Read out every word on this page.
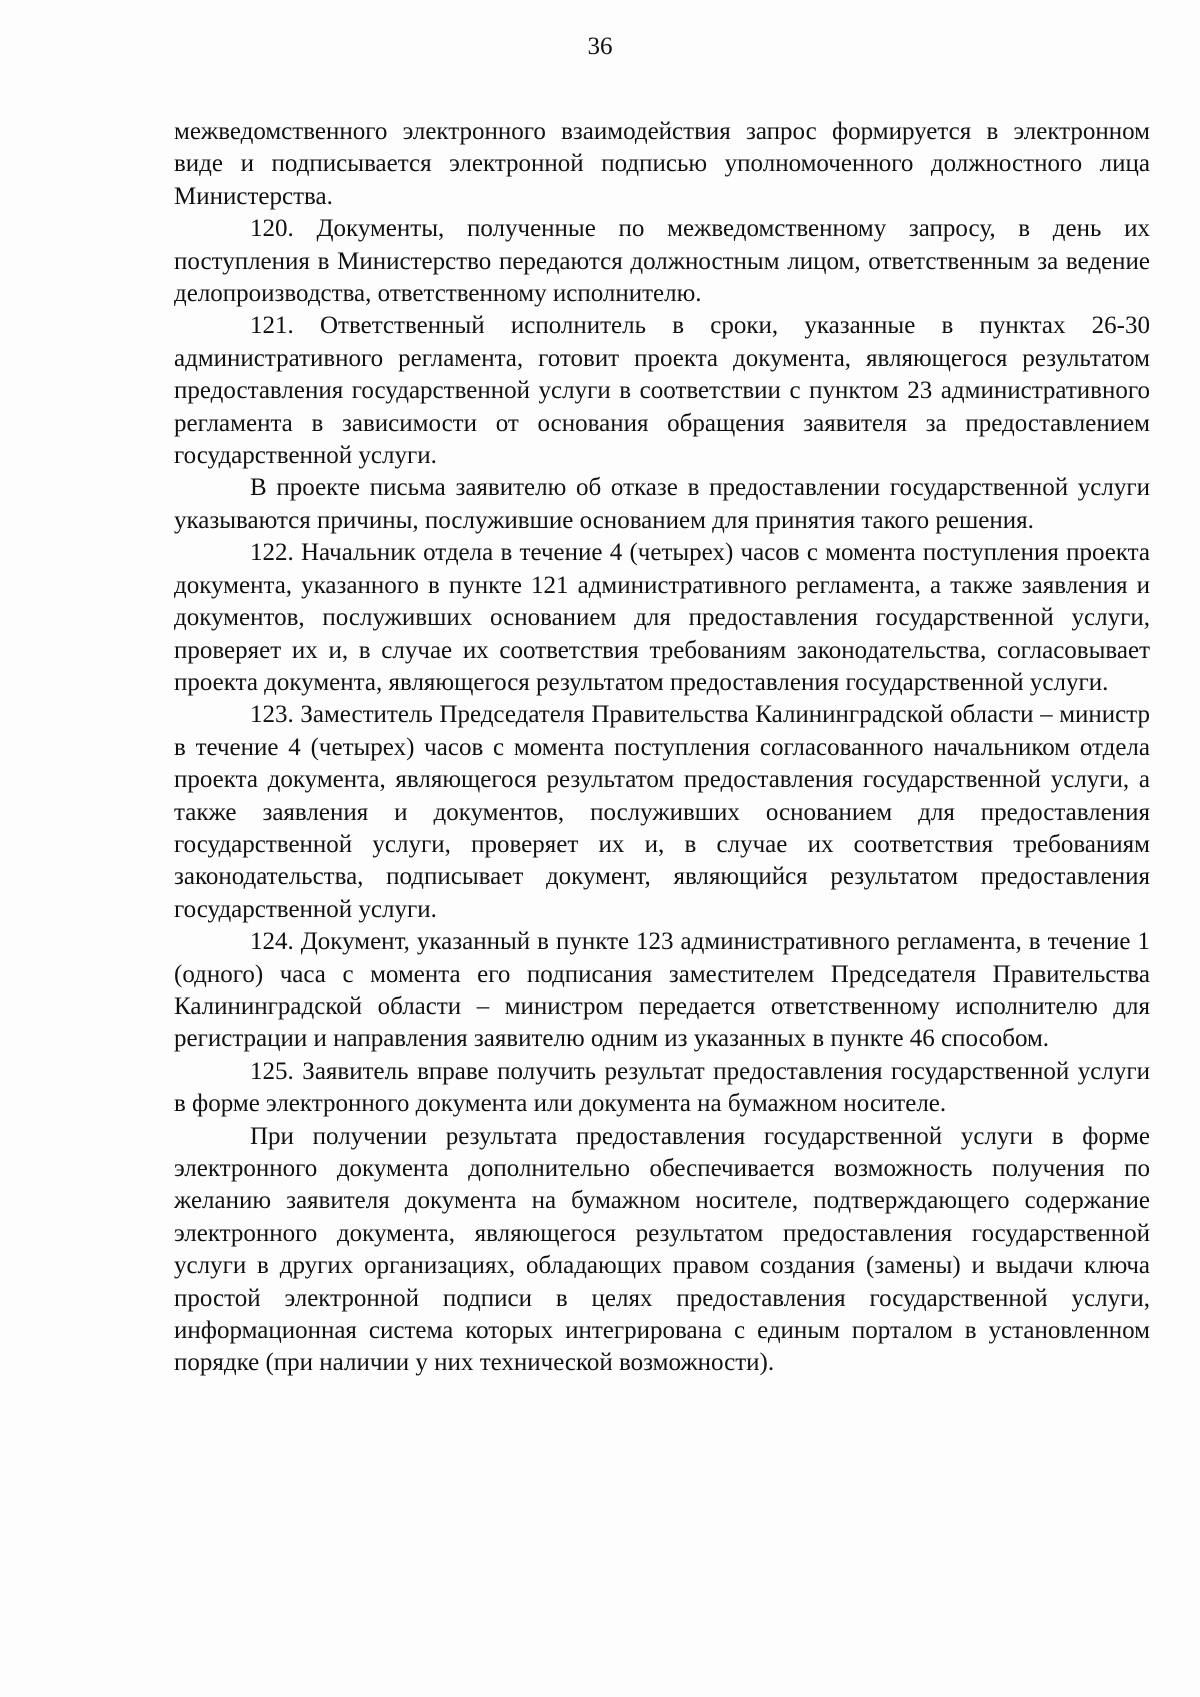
36

межведомственного электронного взаимодействия запрос формируется в электронном виде и подписывается электронной подписью уполномоченного должностного лица Министерства.

120. Документы, полученные по межведомственному запросу, в день их поступления в Министерство передаются должностным лицом, ответственным за ведение делопроизводства, ответственному исполнителю.

121. Ответственный исполнитель в сроки, указанные в пунктах 26-30 административного регламента, готовит проекта документа, являющегося результатом предоставления государственной услуги в соответствии с пунктом 23 административного регламента в зависимости от основания обращения заявителя за предоставлением государственной услуги.

В проекте письма заявителю об отказе в предоставлении государственной услуги указываются причины, послужившие основанием для принятия такого решения.

122. Начальник отдела в течение 4 (четырех) часов с момента поступления проекта документа, указанного в пункте 121 административного регламента, а также заявления и документов, послуживших основанием для предоставления государственной услуги, проверяет их и, в случае их соответствия требованиям законодательства, согласовывает проекта документа, являющегося результатом предоставления государственной услуги.

123. Заместитель Председателя Правительства Калининградской области – министр в течение 4 (четырех) часов с момента поступления согласованного начальником отдела проекта документа, являющегося результатом предоставления государственной услуги, а также заявления и документов, послуживших основанием для предоставления государственной услуги, проверяет их и, в случае их соответствия требованиям законодательства, подписывает документ, являющийся результатом предоставления государственной услуги.

124. Документ, указанный в пункте 123 административного регламента, в течение 1 (одного) часа с момента его подписания заместителем Председателя Правительства Калининградской области – министром передается ответственному исполнителю для регистрации и направления заявителю одним из указанных в пункте 46 способом.

125. Заявитель вправе получить результат предоставления государственной услуги в форме электронного документа или документа на бумажном носителе.

При получении результата предоставления государственной услуги в форме электронного документа дополнительно обеспечивается возможность получения по желанию заявителя документа на бумажном носителе, подтверждающего содержание электронного документа, являющегося результатом предоставления государственной услуги в других организациях, обладающих правом создания (замены) и выдачи ключа простой электронной подписи в целях предоставления государственной услуги, информационная система которых интегрирована с единым порталом в установленном порядке (при наличии у них технической возможности).
